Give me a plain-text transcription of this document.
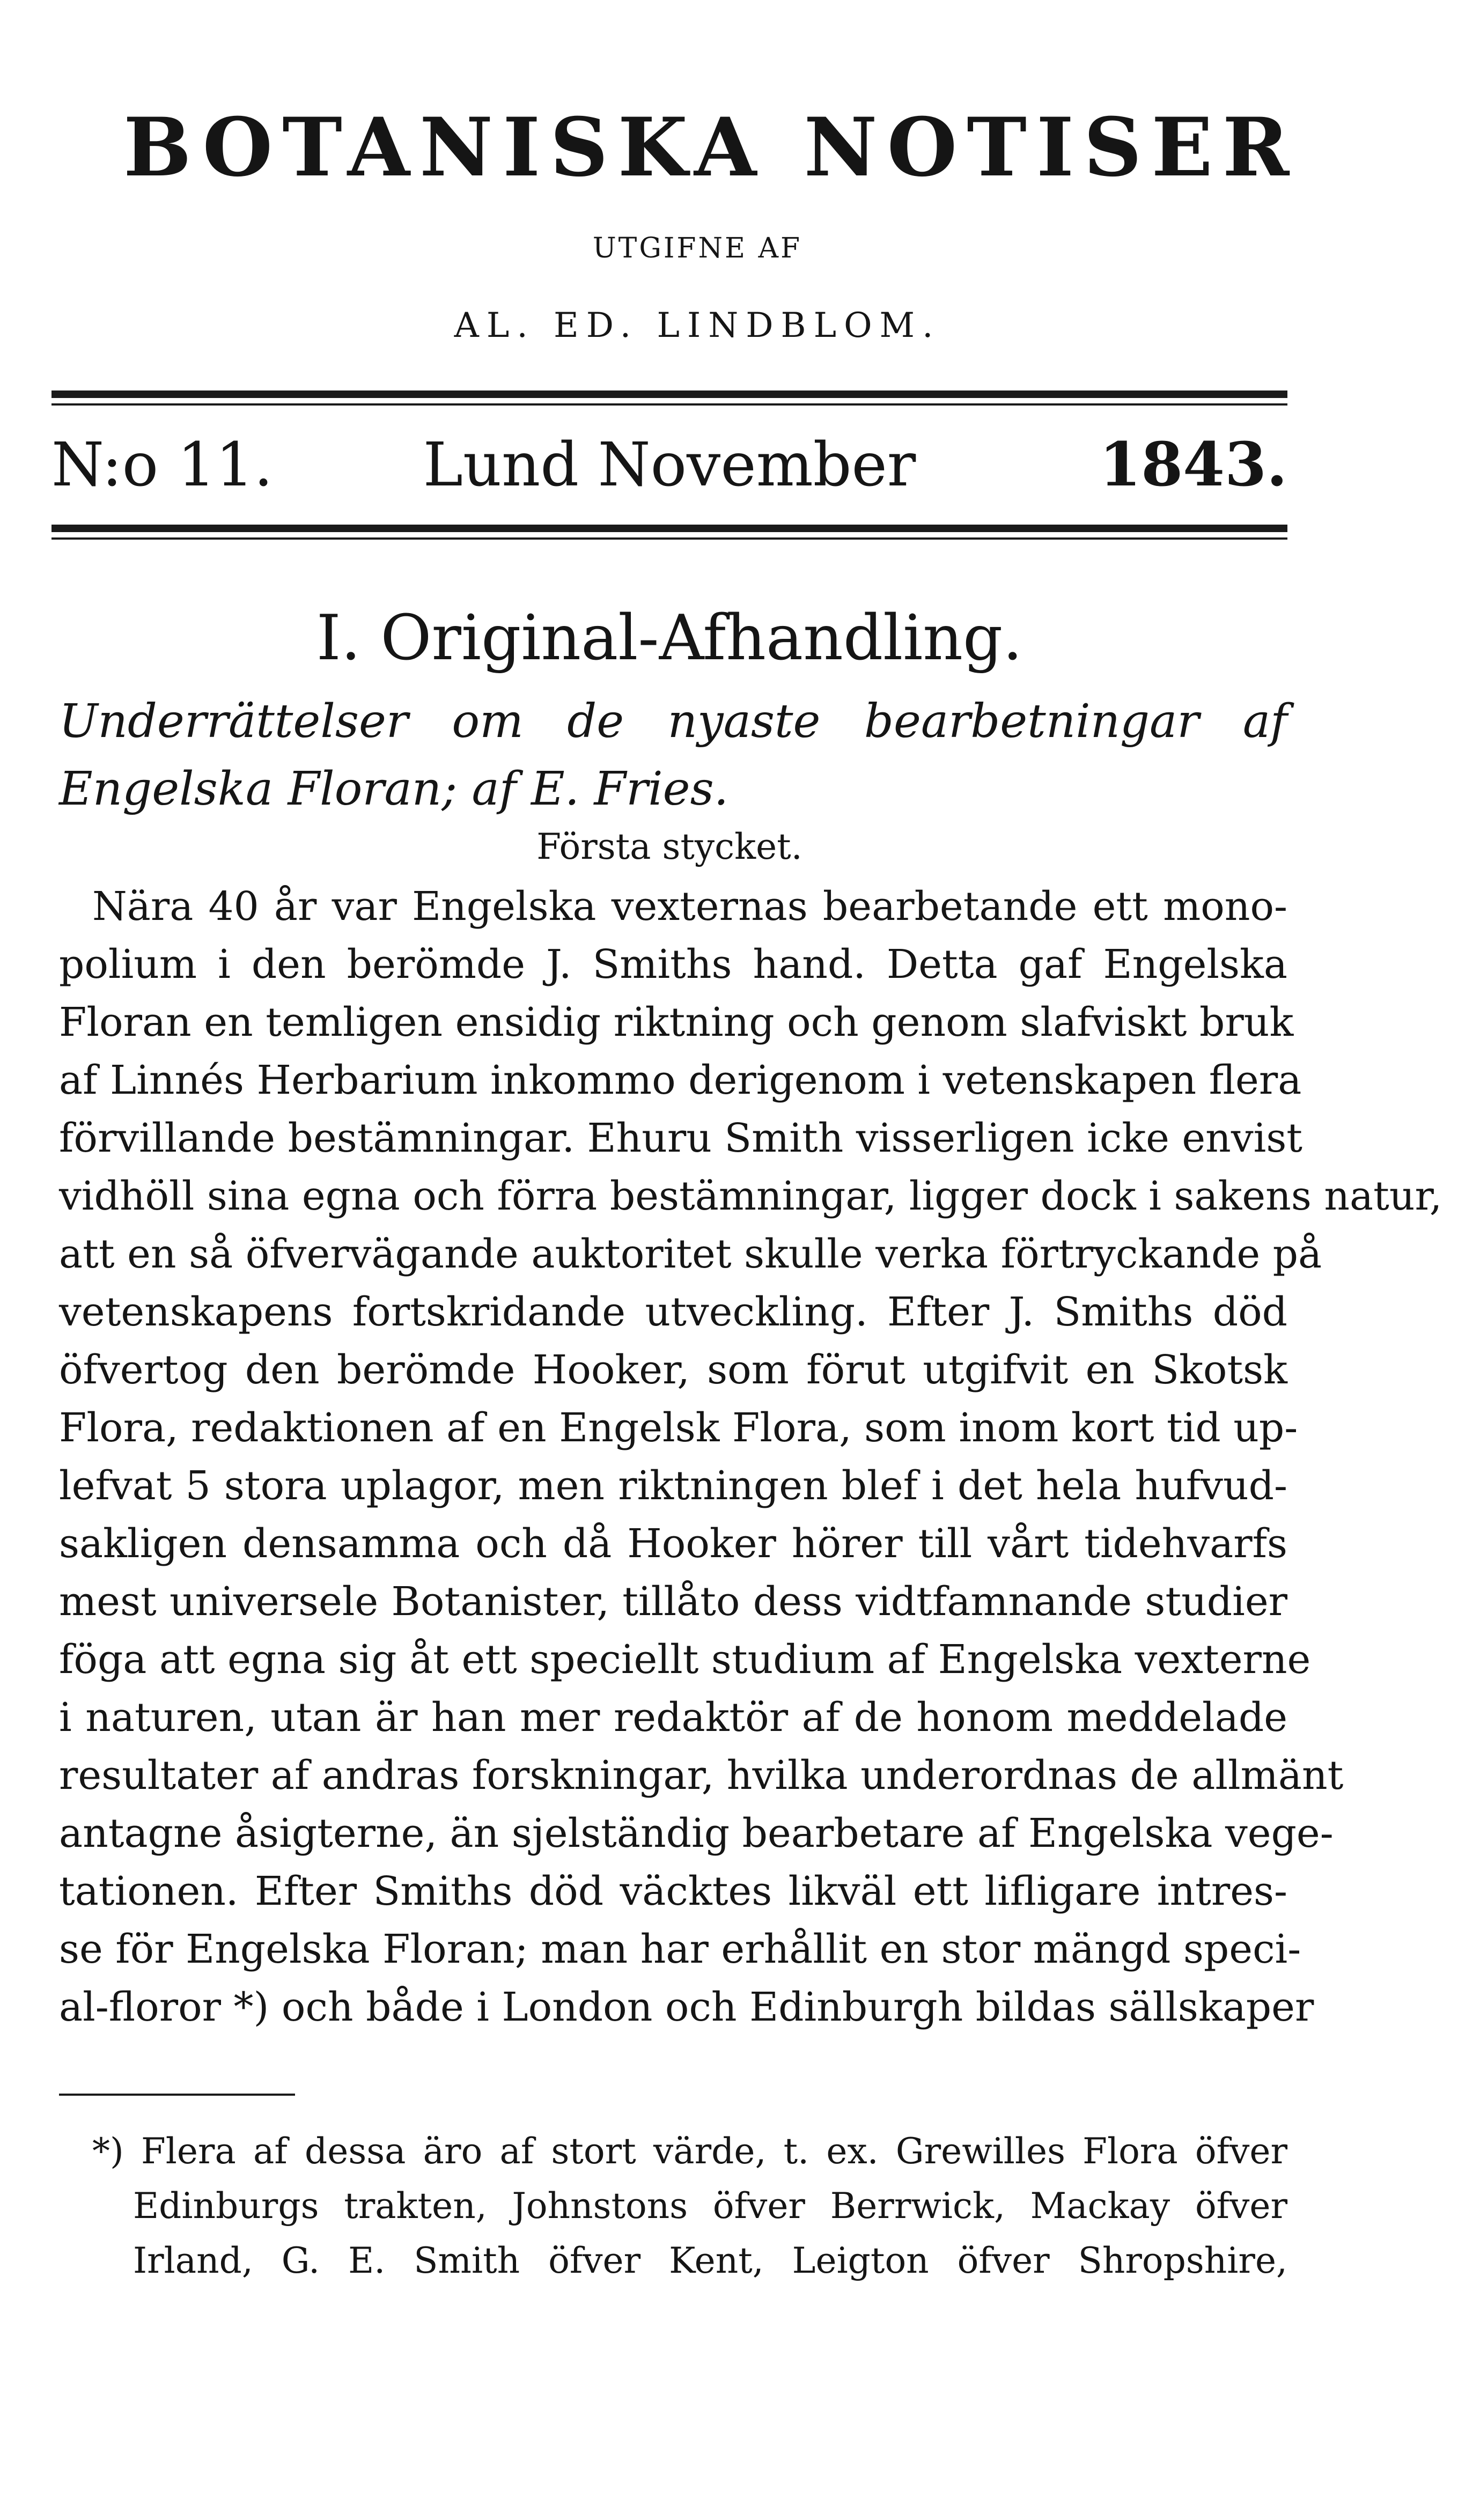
BOTANISKA NOTISER
UTGIFNE AF
AL. ED. LINDBLOM.
Lund November
N:o 11.	1843.
I. Original-Afhandling.
Underrättelser om de nyaste bearbetningar af Engelska Floran; af E. Fries.
Första stycket.
Nära 40 år var Engelska vexternas bearbetande ett mono-
polium i den berömde J. Smiths hand. Detta gaf Engelska
Floran en temligen ensidig riktning och genom slafviskt bruk
af Linnés Herbarium inkommo derigenom i vetenskapen flera
förvillande bestämningar. Ehuru Smith visserligen icke envist
vidhöll sina egna och förra bestämningar, ligger dock i sakens natur,
att en så öfvervägande auktoritet skulle verka förtryckande på
vetenskapens fortskridande utveckling. Efter J. Smiths död
öfvertog den berömde Hooker, som förut utgifvit en Skotsk
Flora, redaktionen af en Engelsk Flora, som inom kort tid up-
lefvat 5 stora uplagor, men riktningen blef i det hela hufvud-
sakligen densamma och då Hooker hörer till vårt tidehvarfs
mest universele Botanister, tillåto dess vidtfamnande studier
föga att egna sig åt ett speciellt studium af Engelska vexterne
i naturen, utan är han mer redaktör af de honom meddelade
resultater af andras forskningar, hvilka underordnas de allmänt
antagne åsigterne, än sjelständig bearbetare af Engelska vege-
tationen. Efter Smiths död väcktes likväl ett lifligare intres-
se för Engelska Floran; man har erhållit en stor mängd speci-
al-floror *) och både i London och Edinburgh bildas sällskaper
*) Flera af dessa äro af stort värde, t. ex. Grewilles Flora öfver
Edinburgs trakten, Johnstons öfver Berrwick, Mackay öfver
Irland, G. E. Smith öfver Kent, Leigton öfver Shropshire,
